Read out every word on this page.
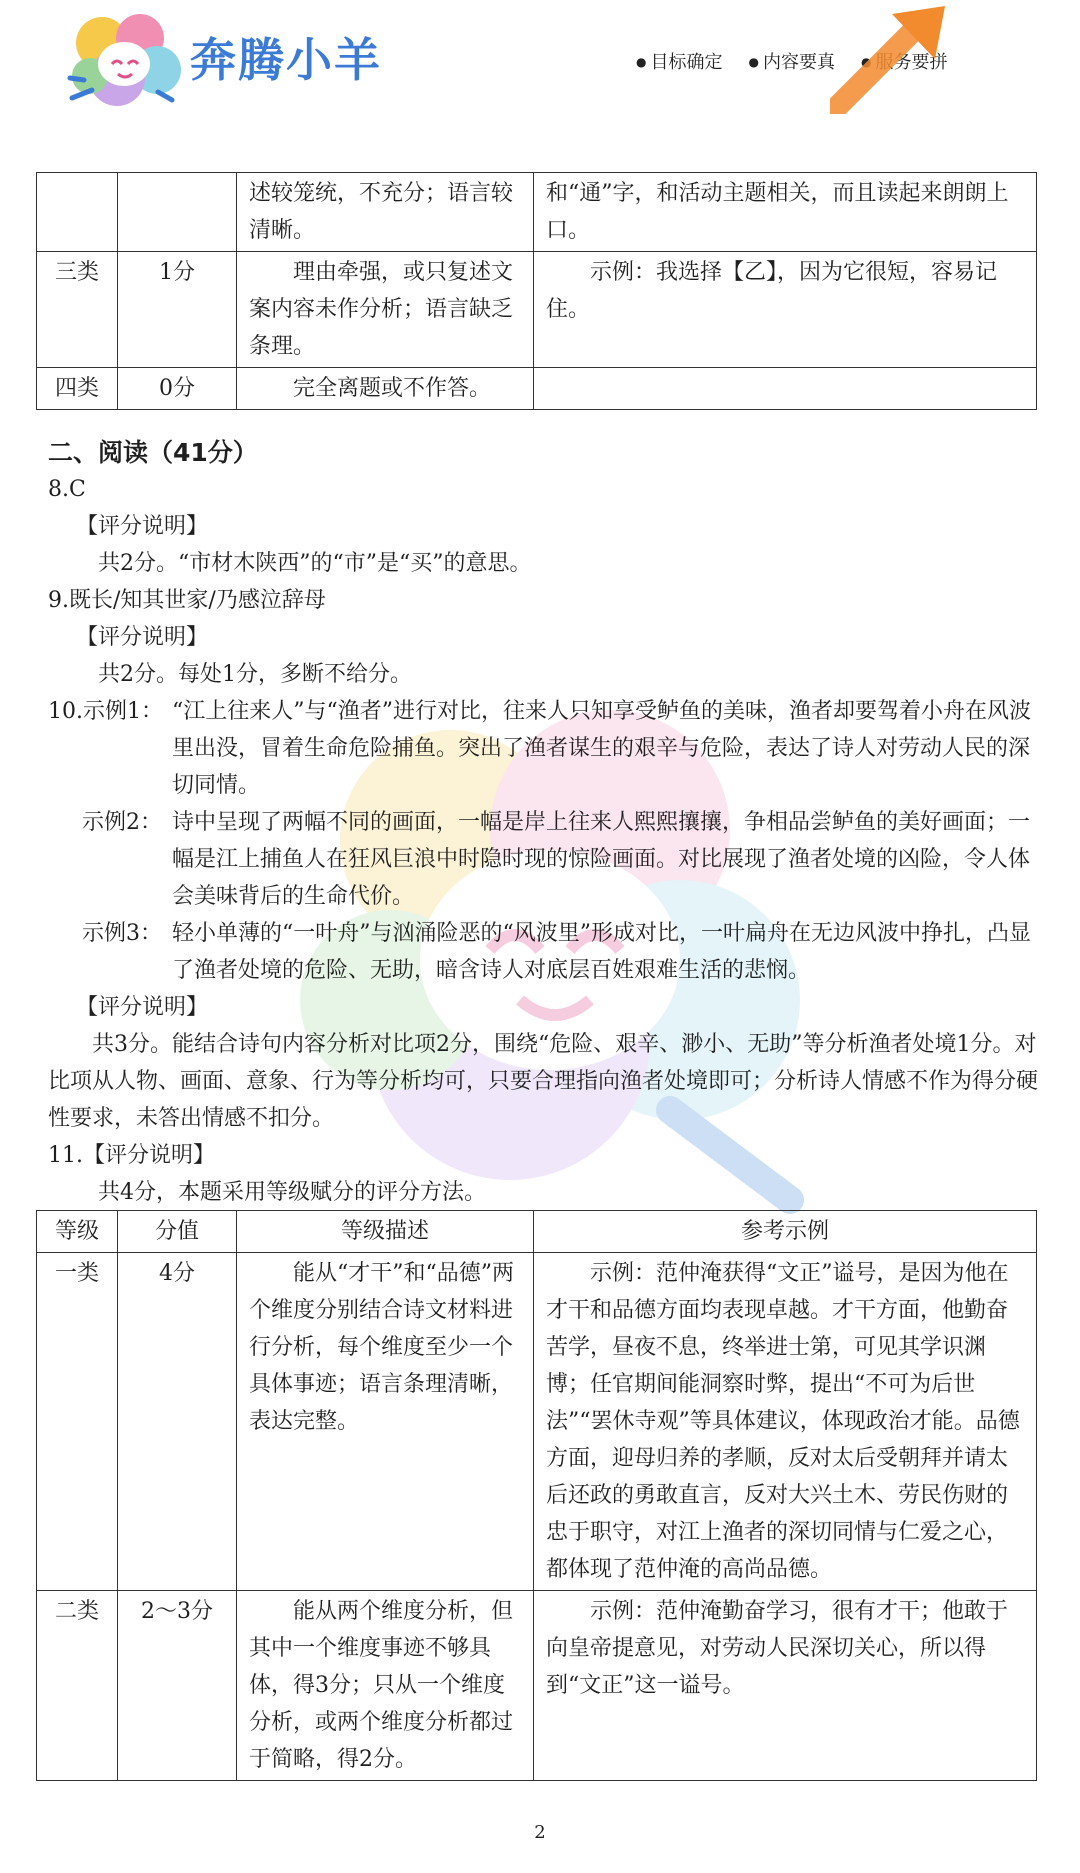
奔腾小羊	● 目标确定	● 内容要真	● 服务要拼
		述较笼统，不充分；语言较清晰。	和“通”字，和活动主题相关，而且读起来朗朗上口。
三类	1分	理由牵强，或只复述文案内容未作分析；语言缺乏条理。	示例：我选择【乙】，因为它很短，容易记住。
四类	0分	完全离题或不作答。	
二、阅读（41分）
8.C
【评分说明】
共2分。“市材木陕西”的“市”是“买”的意思。
9.既长/知其世家/乃感泣辞母
【评分说明】
共2分。每处1分，多断不给分。
10.示例1： “江上往来人”与“渔者”进行对比，往来人只知享受鲈鱼的美味，渔者却要驾着小舟在风波里出没，冒着生命危险捕鱼。突出了渔者谋生的艰辛与危险，表达了诗人对劳动人民的深切同情。
示例2： 诗中呈现了两幅不同的画面，一幅是岸上往来人熙熙攘攘，争相品尝鲈鱼的美好画面；一幅是江上捕鱼人在狂风巨浪中时隐时现的惊险画面。对比展现了渔者处境的凶险，令人体会美味背后的生命代价。
示例3： 轻小单薄的“一叶舟”与汹涌险恶的“风波里”形成对比，一叶扁舟在无边风波中挣扎，凸显了渔者处境的危险、无助，暗含诗人对底层百姓艰难生活的悲悯。
【评分说明】
共3分。能结合诗句内容分析对比项2分，围绕“危险、艰辛、渺小、无助”等分析渔者处境1分。对比项从人物、画面、意象、行为等分析均可，只要合理指向渔者处境即可；分析诗人情感不作为得分硬性要求，未答出情感不扣分。
11.【评分说明】
共4分，本题采用等级赋分的评分方法。
等级	分值	等级描述	参考示例
一类	4分	能从“才干”和“品德”两个维度分别结合诗文材料进行分析，每个维度至少一个具体事迹；语言条理清晰，表达完整。	示例：范仲淹获得“文正”谥号，是因为他在才干和品德方面均表现卓越。才干方面，他勤奋苦学，昼夜不息，终举进士第，可见其学识渊博；任官期间能洞察时弊，提出“不可为后世法”“罢休寺观”等具体建议，体现政治才能。品德方面，迎母归养的孝顺，反对太后受朝拜并请太后还政的勇敢直言，反对大兴土木、劳民伤财的忠于职守，对江上渔者的深切同情与仁爱之心，都体现了范仲淹的高尚品德。
二类	2～3分	能从两个维度分析，但其中一个维度事迹不够具体，得3分；只从一个维度分析，或两个维度分析都过于简略，得2分。	示例：范仲淹勤奋学习，很有才干；他敢于向皇帝提意见，对劳动人民深切关心，所以得到“文正”这一谥号。
2
